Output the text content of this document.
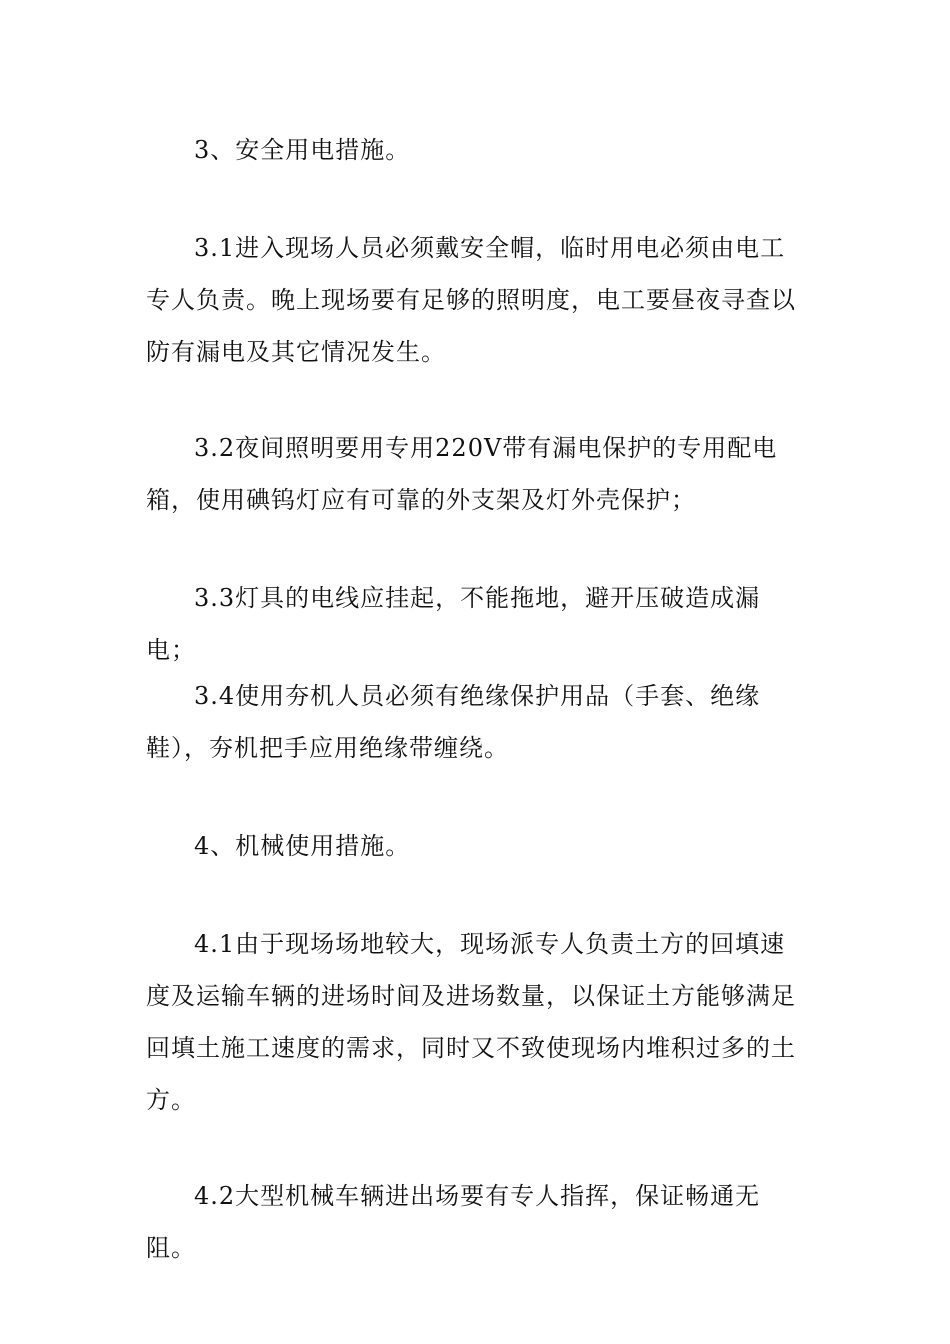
3、安全用电措施。

3.1进入现场人员必须戴安全帽，临时用电必须由电工专人负责。晚上现场要有足够的照明度，电工要昼夜寻查以防有漏电及其它情况发生。

3.2夜间照明要用专用220V带有漏电保护的专用配电箱，使用碘钨灯应有可靠的外支架及灯外壳保护；

3.3灯具的电线应挂起，不能拖地，避开压破造成漏电；

3.4使用夯机人员必须有绝缘保护用品（手套、绝缘鞋），夯机把手应用绝缘带缠绕。

4、机械使用措施。

4.1由于现场场地较大，现场派专人负责土方的回填速度及运输车辆的进场时间及进场数量，以保证土方能够满足回填土施工速度的需求，同时又不致使现场内堆积过多的土方。

4.2大型机械车辆进出场要有专人指挥，保证畅通无阻。
